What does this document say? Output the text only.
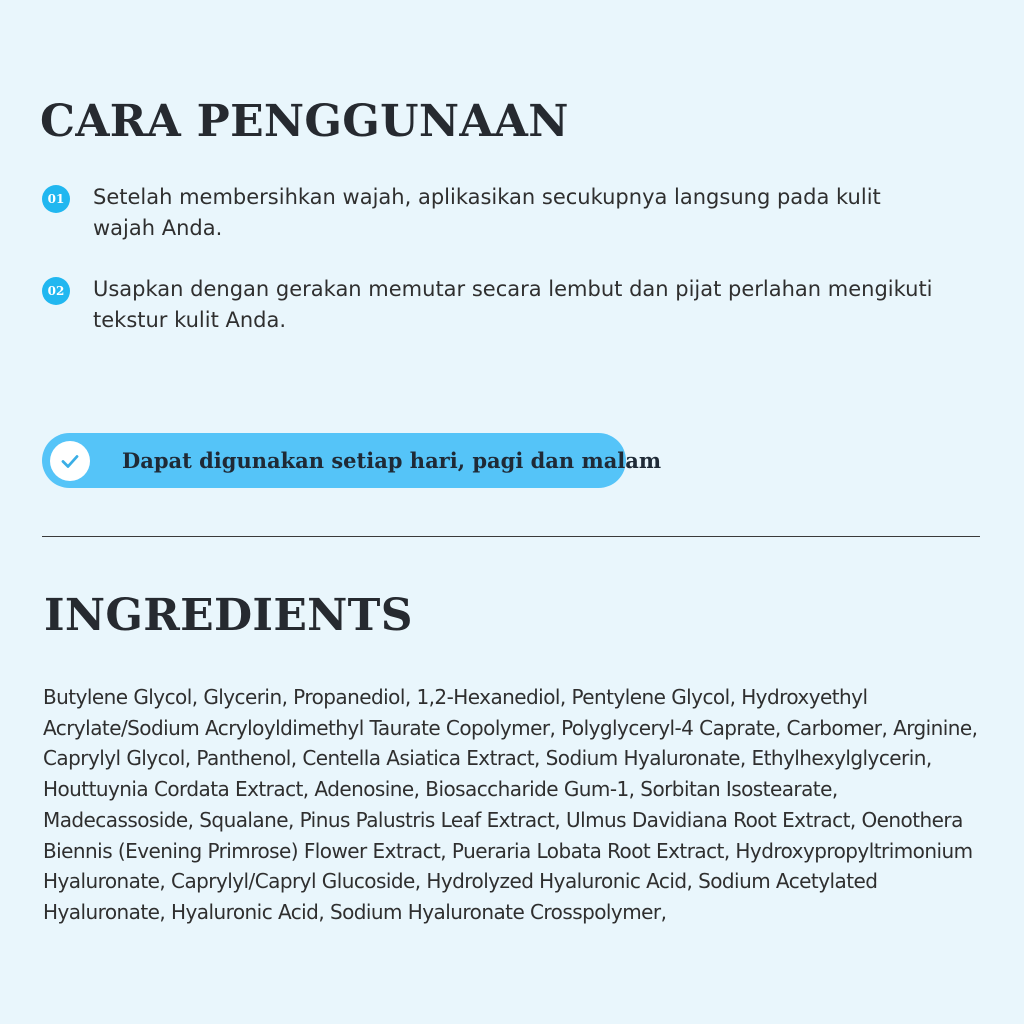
CARA PENGGUNAAN
01 Setelah membersihkan wajah, aplikasikan secukupnya langsung pada kulit wajah Anda.
02 Usapkan dengan gerakan memutar secara lembut dan pijat perlahan mengikuti tekstur kulit Anda.
Dapat digunakan setiap hari, pagi dan malam
INGREDIENTS

Butylene Glycol, Glycerin, Propanediol, 1,2-Hexanediol, Pentylene Glycol, Hydroxyethyl Acrylate/Sodium Acryloyldimethyl Taurate Copolymer, Polyglyceryl-4 Caprate, Carbomer, Arginine, Caprylyl Glycol, Panthenol, Centella Asiatica Extract, Sodium Hyaluronate, Ethylhexylglycerin, Houttuynia Cordata Extract, Adenosine, Biosaccharide Gum-1, Sorbitan Isostearate, Madecassoside, Squalane, Pinus Palustris Leaf Extract, Ulmus Davidiana Root Extract, Oenothera Biennis (Evening Primrose) Flower Extract, Pueraria Lobata Root Extract, Hydroxypropyltrimonium Hyaluronate, Caprylyl/Capryl Glucoside, Hydrolyzed Hyaluronic Acid, Sodium Acetylated Hyaluronate, Hyaluronic Acid, Sodium Hyaluronate Crosspolymer,
